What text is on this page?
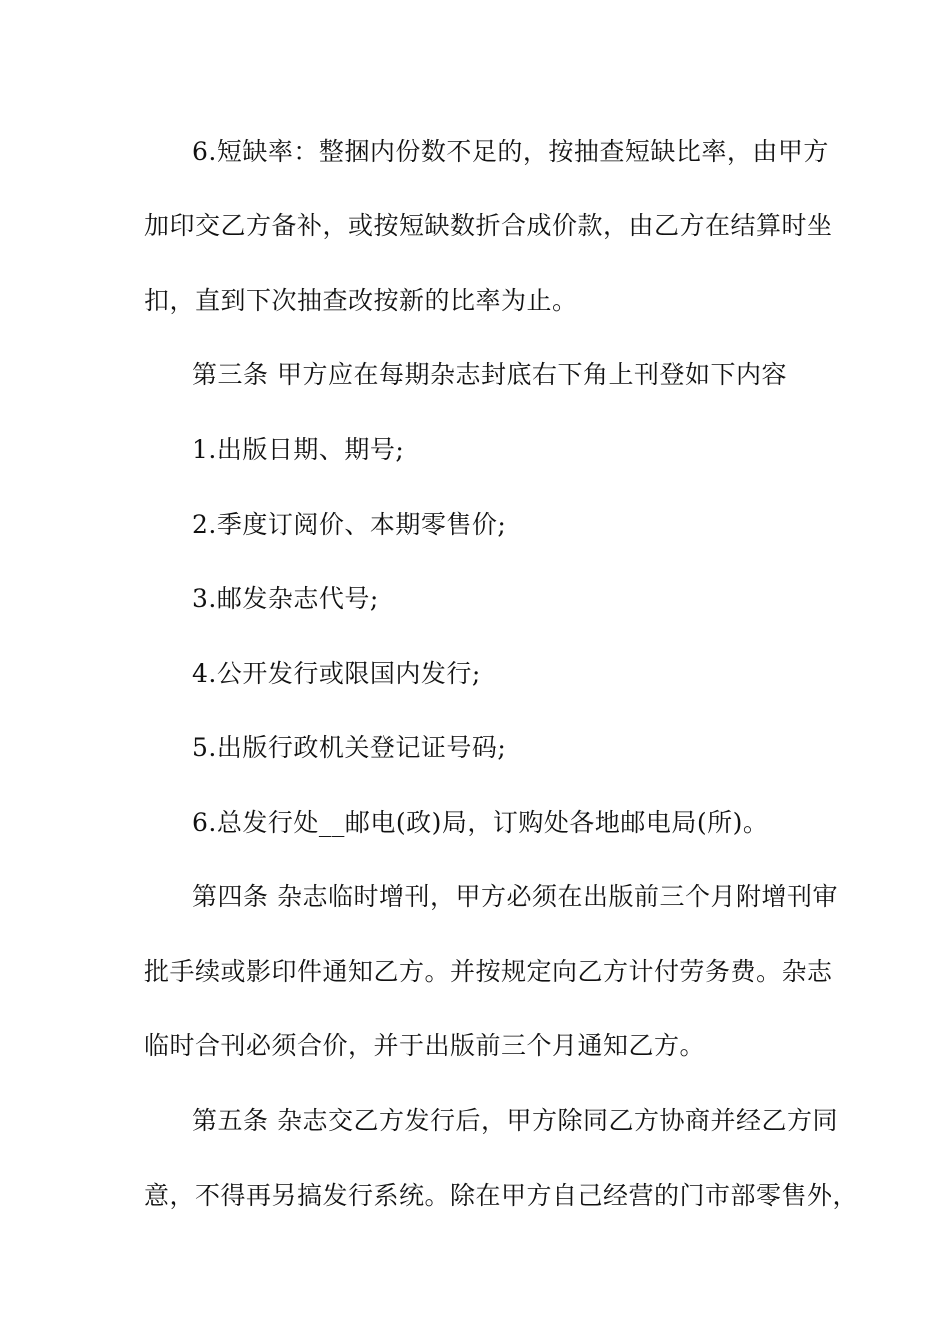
6.短缺率：整捆内份数不足的，按抽查短缺比率，由甲方
加印交乙方备补，或按短缺数折合成价款，由乙方在结算时坐
扣，直到下次抽查改按新的比率为止。
第三条 甲方应在每期杂志封底右下角上刊登如下内容
1.出版日期、期号;
2.季度订阅价、本期零售价;
3.邮发杂志代号;
4.公开发行或限国内发行;
5.出版行政机关登记证号码;
6.总发行处__邮电(政)局，订购处各地邮电局(所)。
第四条 杂志临时增刊，甲方必须在出版前三个月附增刊审
批手续或影印件通知乙方。并按规定向乙方计付劳务费。杂志
临时合刊必须合价，并于出版前三个月通知乙方。
第五条 杂志交乙方发行后，甲方除同乙方协商并经乙方同
意，不得再另搞发行系统。除在甲方自己经营的门市部零售外，
